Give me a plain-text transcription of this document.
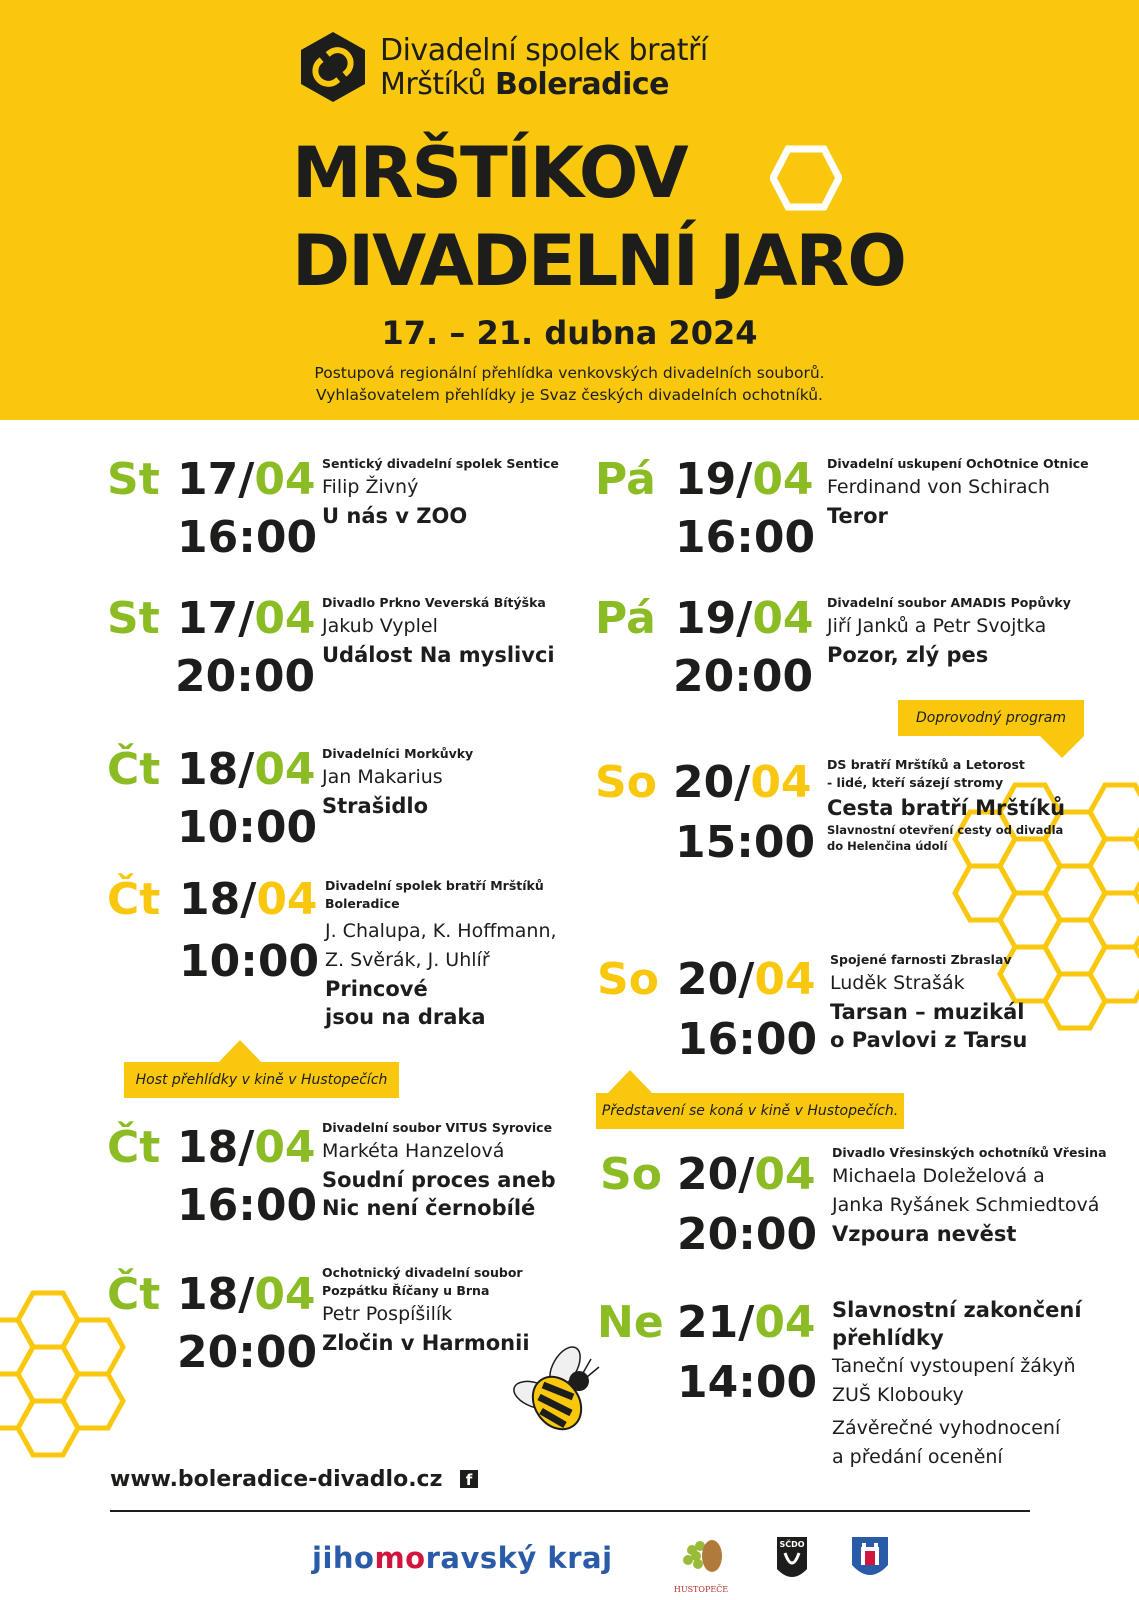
Divadelní spolek bratří
Mrštíků Boleradice
MRŠTÍKOV
DIVADELNÍ JARO
17. – 21. dubna 2024
Postupová regionální přehlídka venkovských divadelních souborů.
Vyhlašovatelem přehlídky je Svaz českých divadelních ochotníků.
St 17/04
16:00
Sentický divadelní spolek Sentice
Filip Živný
U nás v ZOO
St 17/04
20:00
Divadlo Prkno Veverská Bítýška
Jakub Vyplel
Událost Na myslivci
Čt 18/04
10:00
Divadelníci Morkůvky
Jan Makarius
Strašidlo
Čt 18/04
10:00
Divadelní spolek bratří Mrštíků
Boleradice
J. Chalupa, K. Hoffmann,
Z. Svěrák, J. Uhlíř
Princové
jsou na draka
Host přehlídky v kině v Hustopečích
Čt 18/04
16:00
Divadelní soubor VITUS Syrovice
Markéta Hanzelová
Soudní proces aneb
Nic není černobílé
Čt 18/04
20:00
Ochotnický divadelní soubor
Pozpátku Říčany u Brna
Petr Pospíšilík
Zločin v Harmonii
Pá 19/04
16:00
Divadelní uskupení OchOtnice Otnice
Ferdinand von Schirach
Teror
Pá 19/04
20:00
Divadelní soubor AMADIS Popůvky
Jiří Janků a Petr Svojtka
Pozor, zlý pes
Doprovodný program
So 20/04
15:00
DS bratří Mrštíků a Letorost
- lidé, kteří sázejí stromy
Cesta bratří Mrštíků
Slavnostní otevření cesty od divadla
do Helenčina údolí
So 20/04
16:00
Spojené farnosti Zbraslav
Luděk Strašák
Tarsan – muzikál
o Pavlovi z Tarsu
Představení se koná v kině v Hustopečích.
So 20/04
20:00
Divadlo Vřesinských ochotníků Vřesina
Michaela Doleželová a
Janka Ryšánek Schmiedtová
Vzpoura nevěst
Ne 21/04
14:00
Slavnostní zakončení
přehlídky
Taneční vystoupení žákyň
ZUŠ Klobouky
Závěrečné vyhodnocení
a předání ocenění
www.boleradice-divadlo.cz	f
jihomoravský kraj
HUSTOPEČE
SČDO
